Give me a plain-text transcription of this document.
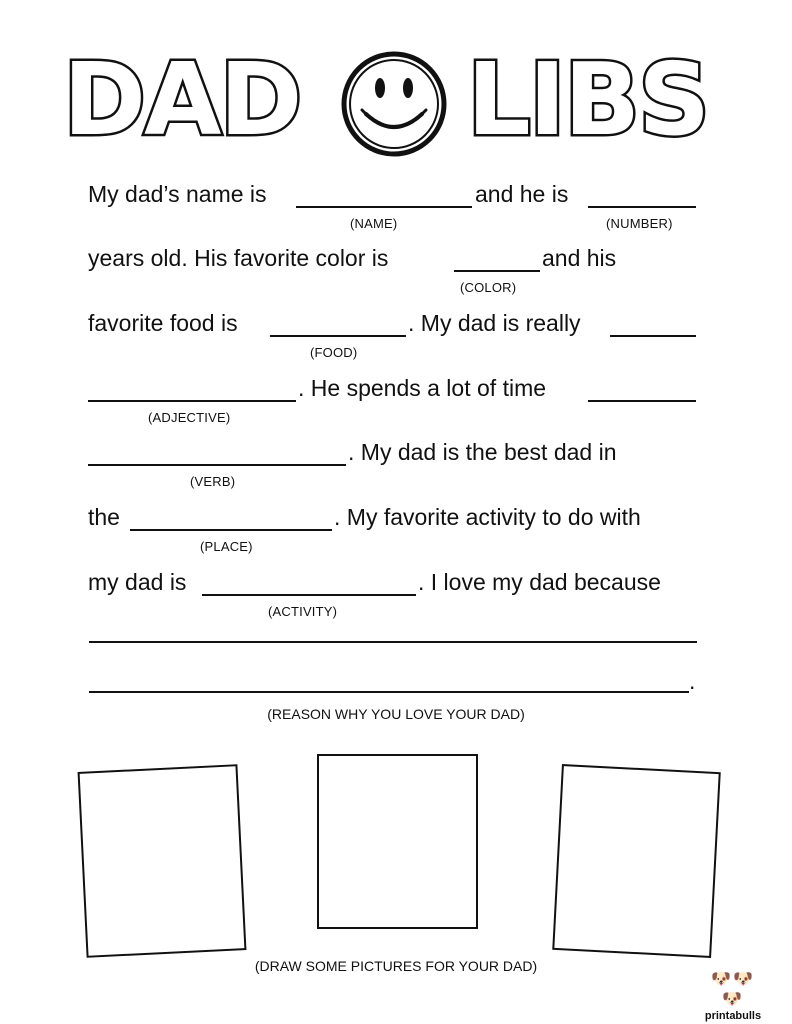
DAD LIBS
My dad’s name is
(NAME)
and he is
(NUMBER)
years old. His favorite color is
(COLOR)
and his
favorite food is
(FOOD)
. My dad is really
(ADJECTIVE)
. He spends a lot of time
(VERB)
. My dad is the best dad in
the
(PLACE)
. My favorite activity to do with
my dad is
(ACTIVITY)
. I love my dad because
.
(REASON WHY YOU LOVE YOUR DAD)
(DRAW SOME PICTURES FOR YOUR DAD)
🐶🐶🐶
printabulls
